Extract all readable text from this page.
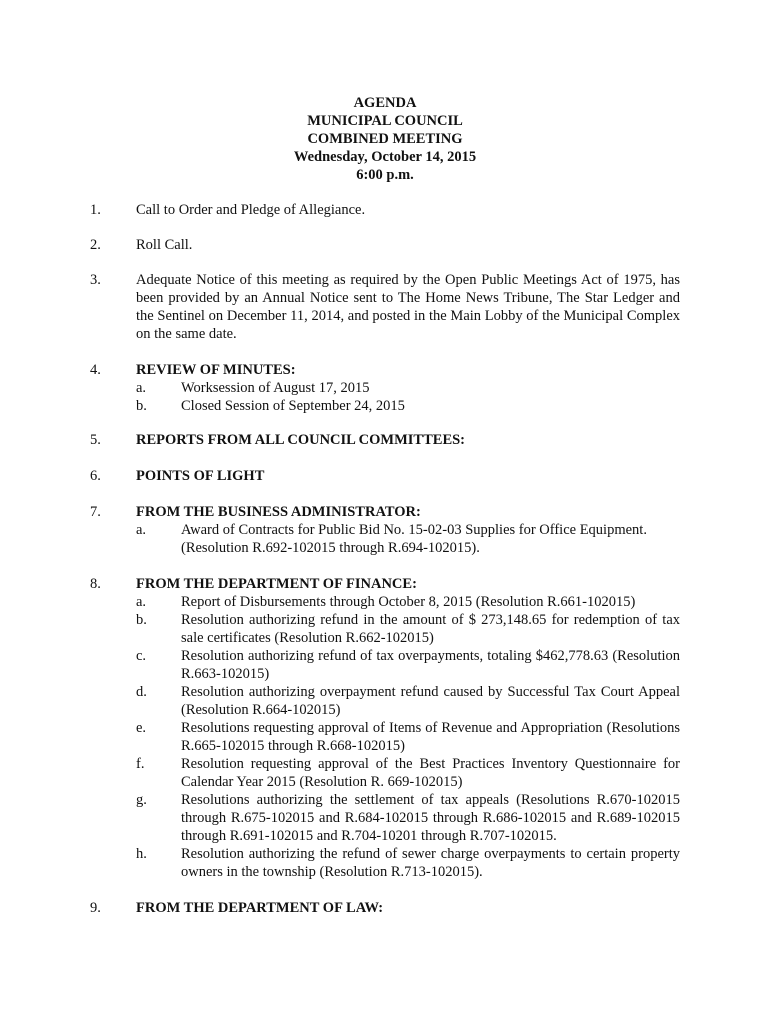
AGENDA
MUNICIPAL COUNCIL
COMBINED MEETING
Wednesday, October 14, 2015
6:00 p.m.
1.	Call to Order and Pledge of Allegiance.
2.	Roll Call.
3.	Adequate Notice of this meeting as required by the Open Public Meetings Act of 1975, has been provided by an Annual Notice sent to The Home News Tribune, The Star Ledger and the Sentinel on December 11, 2014, and posted in the Main Lobby of the Municipal Complex on the same date.
4.	REVIEW OF MINUTES:
a.	Worksession of August 17, 2015
b.	Closed Session of September 24, 2015
5.	REPORTS FROM ALL COUNCIL COMMITTEES:
6.	POINTS OF LIGHT
7.	FROM THE BUSINESS ADMINISTRATOR:
a.	Award of Contracts for Public Bid No. 15-02-03 Supplies for Office Equipment. (Resolution R.692-102015 through R.694-102015).
8.	FROM THE DEPARTMENT OF FINANCE:
a.	Report of Disbursements through October 8, 2015 (Resolution R.661-102015)
b.	Resolution authorizing refund in the amount of $ 273,148.65 for redemption of tax sale certificates (Resolution R.662-102015)
c.	Resolution authorizing refund of tax overpayments, totaling $462,778.63 (Resolution R.663-102015)
d.	Resolution authorizing overpayment refund caused by Successful Tax Court Appeal (Resolution R.664-102015)
e.	Resolutions requesting approval of Items of Revenue and Appropriation (Resolutions R.665-102015 through R.668-102015)
f.	Resolution requesting approval of the Best Practices Inventory Questionnaire for Calendar Year 2015 (Resolution R. 669-102015)
g.	Resolutions authorizing the settlement of tax appeals (Resolutions R.670-102015 through R.675-102015 and R.684-102015 through R.686-102015 and R.689-102015 through R.691-102015 and R.704-10201 through R.707-102015.
h.	Resolution authorizing the refund of sewer charge overpayments to certain property owners in the township (Resolution R.713-102015).
9.	FROM THE DEPARTMENT OF LAW:
